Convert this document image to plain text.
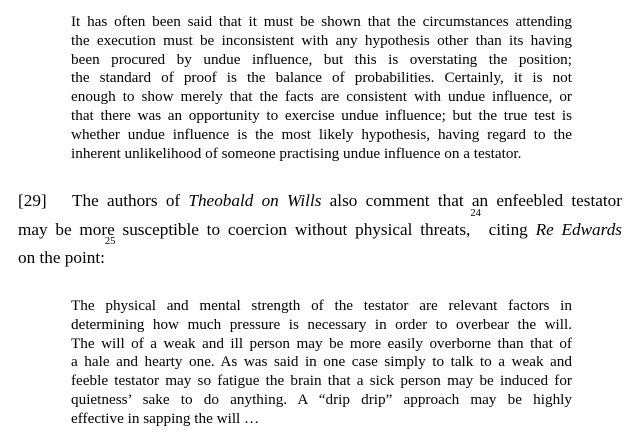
It has often been said that it must be shown that the circumstances attending
the execution must be inconsistent with any hypothesis other than its having
been procured by undue influence, but this is overstating the position;
the standard of proof is the balance of probabilities. Certainly, it is not
enough to show merely that the facts are consistent with undue influence, or
that there was an opportunity to exercise undue influence; but the true test is
whether undue influence is the most likely hypothesis, having regard to the
inherent unlikelihood of someone practising undue influence on a testator.
[29] The authors of Theobald on Wills also comment that an enfeebled testator
may be more susceptible to coercion without physical threats,$^{24}$ citing Re Edwards
on the point:$^{25}$
The physical and mental strength of the testator are relevant factors in
determining how much pressure is necessary in order to overbear the will.
The will of a weak and ill person may be more easily overborne than that of
a hale and hearty one. As was said in one case simply to talk to a weak and
feeble testator may so fatigue the brain that a sick person may be induced for
quietness’ sake to do anything. A “drip drip” approach may be highly
effective in sapping the will …
